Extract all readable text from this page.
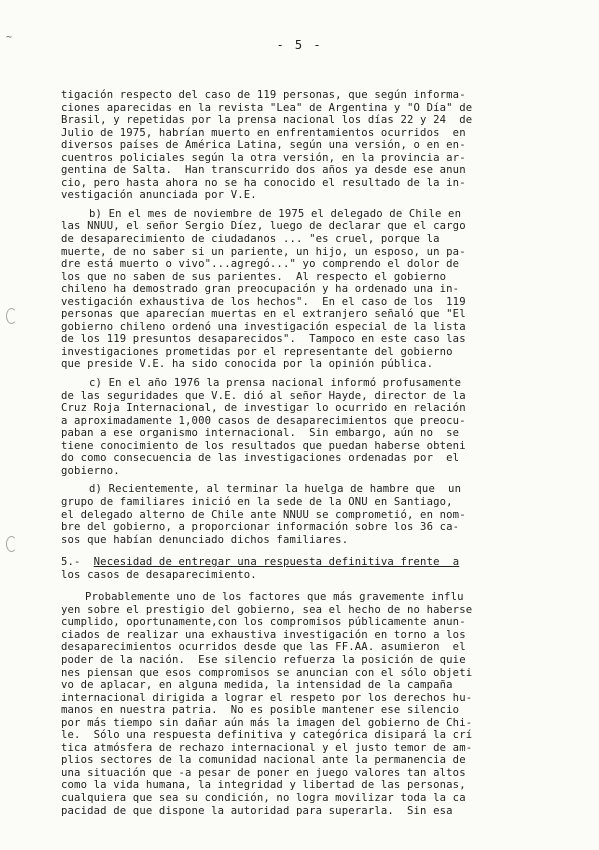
~
- 5 -

tigación respecto del caso de 119 personas, que según informa-
ciones aparecidas en la revista "Lea" de Argentina y "O Día" de
Brasil, y repetidas por la prensa nacional los días 22 y 24  de
Julio de 1975, habrían muerto en enfrentamientos ocurridos  en
diversos países de América Latina, según una versión, o en en-
cuentros policiales según la otra versión, en la provincia ar-
gentina de Salta.  Han transcurrido dos años ya desde ese anun
cio, pero hasta ahora no se ha conocido el resultado de la in-
vestigación anunciada por V.E.

b) En el mes de noviembre de 1975 el delegado de Chile en
las NNUU, el señor Sergio Díez, luego de declarar que el cargo
de desaparecimiento de ciudadanos ... "es cruel, porque la
muerte, de no saber si un pariente, un hijo, un esposo, un pa-
dre está muerto o vivo"...agregó..." yo comprendo el dolor de
los que no saben de sus parientes.  Al respecto el gobierno
chileno ha demostrado gran preocupación y ha ordenado una in-
vestigación exhaustiva de los hechos".  En el caso de los  119
personas que aparecían muertas en el extranjero señaló que "El
gobierno chileno ordenó una investigación especial de la lista
de los 119 presuntos desaparecidos".  Tampoco en este caso las
investigaciones prometidas por el representante del gobierno
que preside V.E. ha sido conocida por la opinión pública.

c) En el año 1976 la prensa nacional informó profusamente
de las seguridades que V.E. dió al señor Hayde, director de la
Cruz Roja Internacional, de investigar lo ocurrido en relación
a aproximadamente 1,000 casos de desaparecimientos que preocu-
paban a ese organismo internacional.  Sin embargo, aún no  se
tiene conocimiento de los resultados que puedan haberse obteni
do como consecuencia de las investigaciones ordenadas por  el
gobierno.

d) Recientemente, al terminar la huelga de hambre que  un
grupo de familiares inició en la sede de la ONU en Santiago,
el delegado alterno de Chile ante NNUU se comprometió, en nom-
bre del gobierno, a proporcionar información sobre los 36 ca-
sos que habían denunciado dichos familiares.

5.- Necesidad de entregar una respuesta definitiva frente  a
los casos de desaparecimiento.

Probablemente uno de los factores que más gravemente influ
yen sobre el prestigio del gobierno, sea el hecho de no haberse
cumplido, oportunamente,con los compromisos públicamente anun-
ciados de realizar una exhaustiva investigación en torno a los
desaparecimientos ocurridos desde que las FF.AA. asumieron  el
poder de la nación.  Ese silencio refuerza la posición de quie
nes piensan que esos compromisos se anuncian con el sólo objeti
vo de aplacar, en alguna medida, la intensidad de la campaña
internacional dirigida a lograr el respeto por los derechos hu-
manos en nuestra patria.  No es posible mantener ese silencio
por más tiempo sin dañar aún más la imagen del gobierno de Chi-
le.  Sólo una respuesta definitiva y categórica disipará la crí
tica atmósfera de rechazo internacional y el justo temor de am-
plios sectores de la comunidad nacional ante la permanencia de
una situación que -a pesar de poner en juego valores tan altos
como la vida humana, la integridad y libertad de las personas,
cualquiera que sea su condición, no logra movilizar toda la ca
pacidad de que dispone la autoridad para superarla.  Sin esa
